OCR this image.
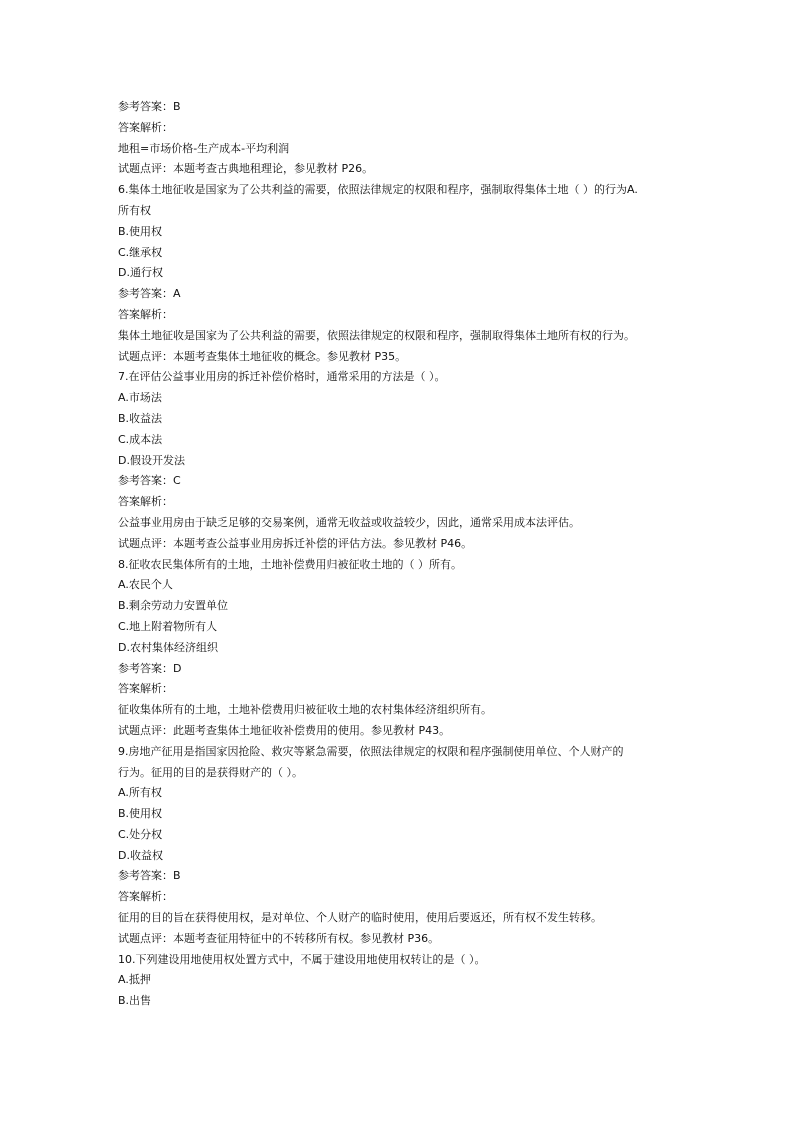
参考答案：B
答案解析：
地租=市场价格-生产成本-平均利润
试题点评：本题考查古典地租理论，参见教材 P26。
6.集体土地征收是国家为了公共利益的需要，依照法律规定的权限和程序，强制取得集体土地（ ）的行为A.
所有权
B.使用权
C.继承权
D.通行权
参考答案：A
答案解析：
集体土地征收是国家为了公共利益的需要，依照法律规定的权限和程序，强制取得集体土地所有权的行为。
试题点评：本题考查集体土地征收的概念。参见教材 P35。
7.在评估公益事业用房的拆迁补偿价格时，通常采用的方法是（ ）。
A.市场法
B.收益法
C.成本法
D.假设开发法
参考答案：C
答案解析：
公益事业用房由于缺乏足够的交易案例，通常无收益或收益较少，因此，通常采用成本法评估。
试题点评：本题考查公益事业用房拆迁补偿的评估方法。参见教材 P46。
8.征收农民集体所有的土地，土地补偿费用归被征收土地的（ ）所有。
A.农民个人
B.剩余劳动力安置单位
C.地上附着物所有人
D.农村集体经济组织
参考答案：D
答案解析：
征收集体所有的土地，土地补偿费用归被征收土地的农村集体经济组织所有。
试题点评：此题考查集体土地征收补偿费用的使用。参见教材 P43。
9.房地产征用是指国家因抢险、救灾等紧急需要，依照法律规定的权限和程序强制使用单位、个人财产的
行为。征用的目的是获得财产的（ ）。
A.所有权
B.使用权
C.处分权
D.收益权
参考答案：B
答案解析：
征用的目的旨在获得使用权，是对单位、个人财产的临时使用，使用后要返还，所有权不发生转移。
试题点评：本题考查征用特征中的不转移所有权。参见教材 P36。
10.下列建设用地使用权处置方式中，不属于建设用地使用权转让的是（ ）。
A.抵押
B.出售
